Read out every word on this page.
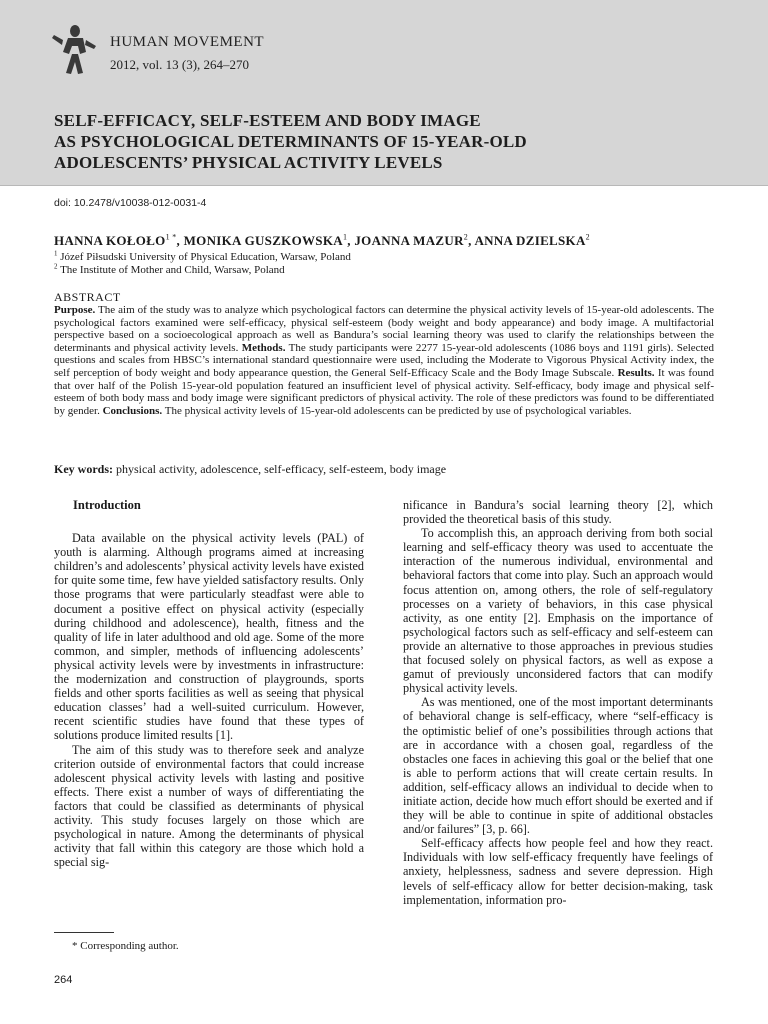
HUMAN MOVEMENT
2012, vol. 13 (3), 264–270
SELF-EFFICACY, SELF-ESTEEM AND BODY IMAGE
AS PSYCHOLOGICAL DETERMINANTS OF 15-YEAR-OLD
ADOLESCENTS’ PHYSICAL ACTIVITY LEVELS
doi: 10.2478/v10038-012-0031-4
HANNA $KOŁOŁO^{1 *}$, MONIKA GUSZKOWSKA$^1$, JOANNA MAZUR$^2$, ANNA DZIELSKA$^2$
$^1$ Józef Piłsudski University of Physical Education, Warsaw, Poland
$^2$ The Institute of Mother and Child, Warsaw, Poland
ABSTRACT
Purpose. The aim of the study was to analyze which psychological factors can determine the physical activity levels of 15-year-old adolescents. The psychological factors examined were self-efficacy, physical self-esteem (body weight and body appearance) and body image. A multifactorial perspective based on a socioecological approach as well as Bandura’s social learning theory was used to clarify the relationships between the determinants and physical activity levels. Methods. The study participants were 2277 15-year-old adolescents (1086 boys and 1191 girls). Selected questions and scales from HBSC’s international standard questionnaire were used, including the Moderate to Vigorous Physical Activity index, the self perception of body weight and body appearance question, the General Self-Efficacy Scale and the Body Image Subscale. Results. It was found that over half of the Polish 15-year-old population featured an insufficient level of physical activity. Self-efficacy, body image and physical self-esteem of both body mass and body image were significant predictors of physical activity. The role of these predictors was found to be differentiated by gender. Conclusions. The physical activity levels of 15-year-old adolescents can be predicted by use of psychological variables.
Key words: physical activity, adolescence, self-efficacy, self-esteem, body image
Introduction

Data available on the physical activity levels (PAL) of youth is alarming. Although programs aimed at increasing children’s and adolescents’ physical activity levels have existed for quite some time, few have yielded satisfactory results. Only those programs that were particularly steadfast were able to document a positive effect on physical activity (especially during childhood and adolescence), health, fitness and the quality of life in later adulthood and old age. Some of the more common, and simpler, methods of influencing adolescents’ physical activity levels were by investments in infrastructure: the modernization and construction of playgrounds, sports fields and other sports facilities as well as seeing that physical education classes’ had a well-suited curriculum. However, recent scientific studies have found that these types of solutions produce limited results [1].

The aim of this study was to therefore seek and analyze criterion outside of environmental factors that could increase adolescent physical activity levels with lasting and positive effects. There exist a number of ways of differentiating the factors that could be classified as determinants of physical activity. This study focuses largely on those which are psychological in nature. Among the determinants of physical activity that fall within this category are those which hold a special sig-

nificance in Bandura’s social learning theory [2], which provided the theoretical basis of this study.

To accomplish this, an approach deriving from both social learning and self-efficacy theory was used to accentuate the interaction of the numerous individual, environmental and behavioral factors that come into play. Such an approach would focus attention on, among others, the role of self-regulatory processes on a variety of behaviors, in this case physical activity, as one entity [2]. Emphasis on the importance of psychological factors such as self-efficacy and self-esteem can provide an alternative to those approaches in previous studies that focused solely on physical factors, as well as expose a gamut of previously unconsidered factors that can modify physical activity levels.

As was mentioned, one of the most important determinants of behavioral change is self-efficacy, where “self-efficacy is the optimistic belief of one’s possibilities through actions that are in accordance with a chosen goal, regardless of the obstacles one faces in achieving this goal or the belief that one is able to perform actions that will create certain results. In addition, self-efficacy allows an individual to decide when to initiate action, decide how much effort should be exerted and if they will be able to continue in spite of additional obstacles and/or failures” [3, p. 66].

Self-efficacy affects how people feel and how they react. Individuals with low self-efficacy frequently have feelings of anxiety, helplessness, sadness and severe depression. High levels of self-efficacy allow for better decision-making, task implementation, information pro-

* Corresponding author.
264
